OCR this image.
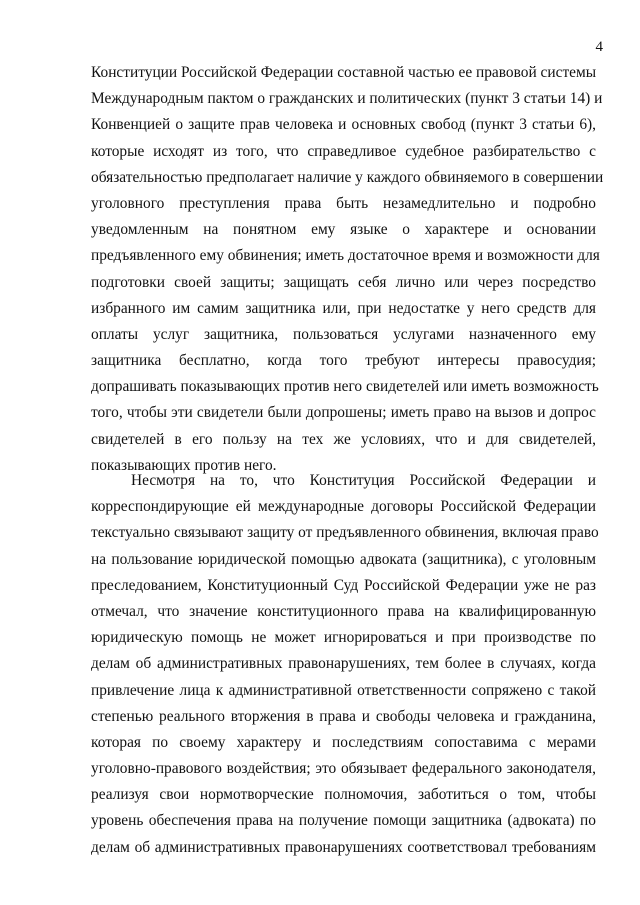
4
Конституции Российской Федерации составной частью ее правовой системы
Международным пактом о гражданских и политических (пункт 3 статьи 14) и
Конвенцией о защите прав человека и основных свобод (пункт 3 статьи 6),
которые исходят из того, что справедливое судебное разбирательство с
обязательностью предполагает наличие у каждого обвиняемого в совершении
уголовного преступления права быть незамедлительно и подробно
уведомленным на понятном ему языке о характере и основании
предъявленного ему обвинения; иметь достаточное время и возможности для
подготовки своей защиты; защищать себя лично или через посредство
избранного им самим защитника или, при недостатке у него средств для
оплаты услуг защитника, пользоваться услугами назначенного ему
защитника бесплатно, когда того требуют интересы правосудия;
допрашивать показывающих против него свидетелей или иметь возможность
того, чтобы эти свидетели были допрошены; иметь право на вызов и допрос
свидетелей в его пользу на тех же условиях, что и для свидетелей,
показывающих против него.
Несмотря на то, что Конституция Российской Федерации и
корреспондирующие ей международные договоры Российской Федерации
текстуально связывают защиту от предъявленного обвинения, включая право
на пользование юридической помощью адвоката (защитника), с уголовным
преследованием, Конституционный Суд Российской Федерации уже не раз
отмечал, что значение конституционного права на квалифицированную
юридическую помощь не может игнорироваться и при производстве по
делам об административных правонарушениях, тем более в случаях, когда
привлечение лица к административной ответственности сопряжено с такой
степенью реального вторжения в права и свободы человека и гражданина,
которая по своему характеру и последствиям сопоставима с мерами
уголовно-правового воздействия; это обязывает федерального законодателя,
реализуя свои нормотворческие полномочия, заботиться о том, чтобы
уровень обеспечения права на получение помощи защитника (адвоката) по
делам об административных правонарушениях соответствовал требованиям
